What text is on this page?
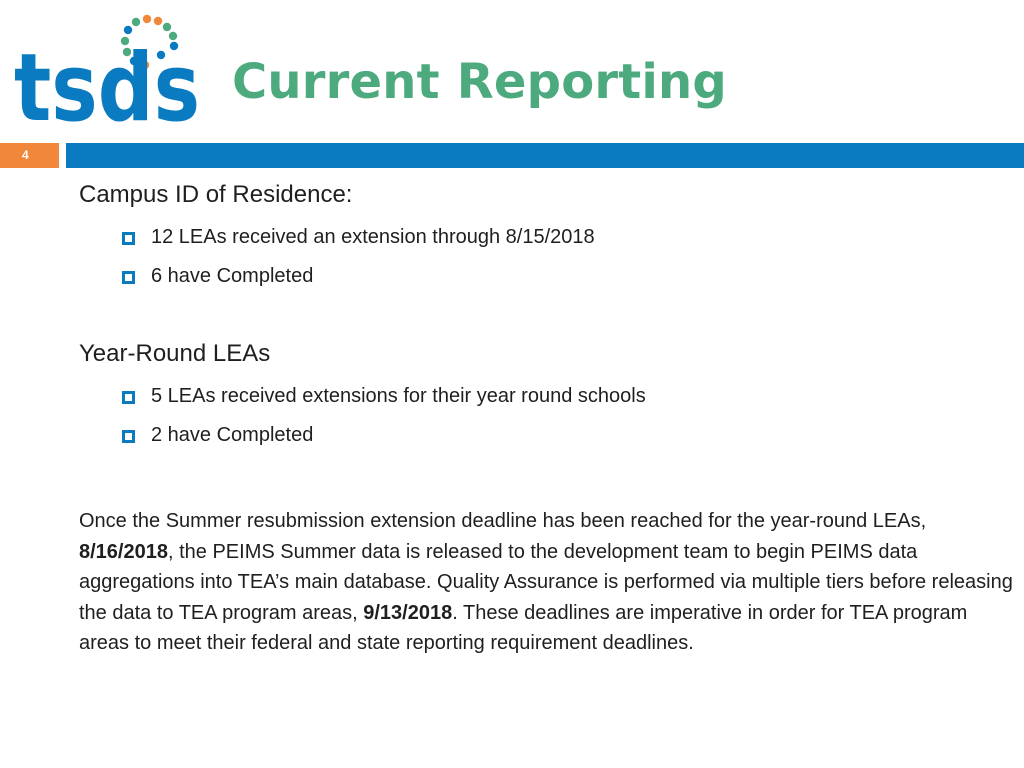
tsds Current Reporting
4

Campus ID of Residence:

12 LEAs received an extension through 8/15/2018
6 have Completed

Year-Round LEAs

5 LEAs received extensions for their year round schools
2 have Completed

Once the Summer resubmission extension deadline has been reached for the year-round LEAs, 8/16/2018, the PEIMS Summer data is released to the development team to begin PEIMS data aggregations into TEA’s main database. Quality Assurance is performed via multiple tiers before releasing the data to TEA program areas, 9/13/2018. These deadlines are imperative in order for TEA program areas to meet their federal and state reporting requirement deadlines.
